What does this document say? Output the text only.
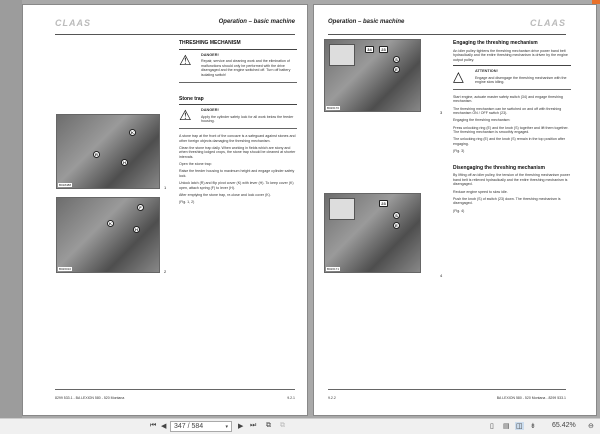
CLAAS	Operation – basic machine
K
R
H
B018488	1
F
K
H
B026010	2
THRESHING MECHANISM
⚠ DANGER!
Repair, service and cleaning work and the elimination of malfunctions should only be performed with the drive disengaged and the engine switched off. Turn off battery isolating switch!
Stone trap
⚠ DANGER!
Apply the cylinder safety lock for all work below the feeder housing.

A stone trap at the front of the concave is a safeguard against stones and other foreign objects damaging the threshing mechanism.

Clean the stone trap daily. When working in fields which are stony and when threshing lodged crops, the stone trap should be cleaned at shorter intervals.

Open the stone trap:

Raise the feeder housing to maximum height and engage cylinder safety lock.

Unlock latch (R) and flip pivot cover (K) with lever (H). To keep cover (K) open, attach spring (F) to lever (H).

After emptying the stone trap, re-close and lock cover (K).

(Fig. 1, 2)

8299 533.1 - BA LEXION 580 - 520 Montana	9.2.1
Operation – basic machine	CLAAS
34	23
S
E
B026170
3
23
S
E
B026171
4
Engaging the threshing mechanism

An idler pulley tightens the threshing mechanism drive power band belt hydraulically and the entire threshing mechanism is driven by the engine output pulley.

△	ATTENTION!
Engage and disengage the threshing mechanism with the engine slow idling.

Start engine, actuate master safety switch (34) and engage threshing mechanism.

The threshing mechanism can be switched on and off with threshing mechanism ON / OFF switch (23).

Engaging the threshing mechanism:

Press unlocking ring (E) and the knob (S) together and lift them together. The threshing mechanism is smoothly engaged.

The unlocking ring (E) and the knob (S) remain in the top position after engaging.

(Fig. 3)

Disengaging the threshing mechanism

By lifting off an idler pulley, the tension of the threshing mechanism power band belt is relieved hydraulically and the entire threshing mechanism is disengaged.

Reduce engine speed to slow idle.

Push the knob (S) of switch (23) down. The threshing mechanism is disengaged.

(Fig. 4)

9.2.2	BA LEXION 580 - 520 Montana - 8299 533.1
⏮ ◀	347 / 584	▾ ▶ ⏭ ⧉ ⧉	▯ ▤ ◫ ⇟ 65.42% ⊖
